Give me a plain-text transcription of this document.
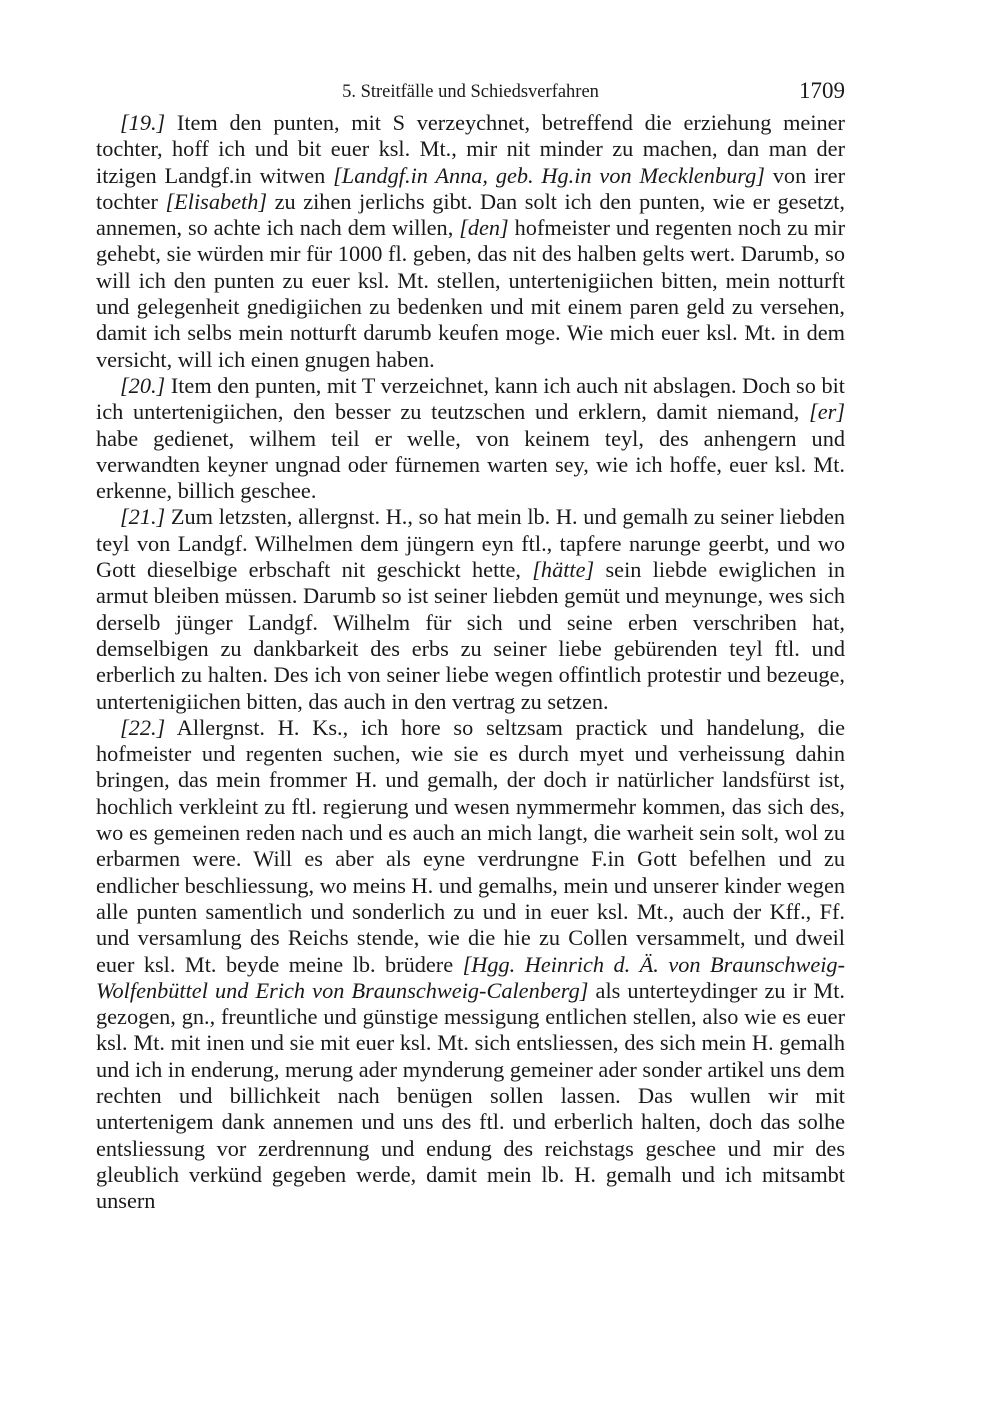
5. Streitfälle und Schiedsverfahren	1709

[19.] Item den punten, mit S verzeychnet, betreffend die erziehung meiner tochter, hoff ich und bit euer ksl. Mt., mir nit minder zu machen, dan man der itzigen Landgf.in witwen [Landgf.in Anna, geb. Hg.in von Mecklenburg] von irer tochter [Elisabeth] zu zihen jerlichs gibt. Dan solt ich den punten, wie er gesetzt, annemen, so achte ich nach dem willen, [den] hofmeister und regenten noch zu mir gehebt, sie würden mir für 1000 fl. geben, das nit des halben gelts wert. Darumb, so will ich den punten zu euer ksl. Mt. stellen, untertenigiichen bitten, mein notturft und gelegenheit gnedigiichen zu bedenken und mit einem paren geld zu versehen, damit ich selbs mein notturft darumb keufen moge. Wie mich euer ksl. Mt. in dem versicht, will ich einen gnugen haben.

[20.] Item den punten, mit T verzeichnet, kann ich auch nit abslagen. Doch so bit ich untertenigiichen, den besser zu teutzschen und erklern, damit niemand, [er] habe gedienet, wilhem teil er welle, von keinem teyl, des anhengern und verwandten keyner ungnad oder fürnemen warten sey, wie ich hoffe, euer ksl. Mt. erkenne, billich geschee.

[21.] Zum letzsten, allergnst. H., so hat mein lb. H. und gemalh zu seiner liebden teyl von Landgf. Wilhelmen dem jüngern eyn ftl., tapfere narunge geerbt, und wo Gott dieselbige erbschaft nit geschickt hette, [hätte] sein liebde ewiglichen in armut bleiben müssen. Darumb so ist seiner liebden gemüt und meynunge, wes sich derselb jünger Landgf. Wilhelm für sich und seine erben verschriben hat, demselbigen zu dankbarkeit des erbs zu seiner liebe gebürenden teyl ftl. und erberlich zu halten. Des ich von seiner liebe wegen offintlich protestir und bezeuge, untertenigiichen bitten, das auch in den vertrag zu setzen.

[22.] Allergnst. H. Ks., ich hore so seltzsam practick und handelung, die hofmeister und regenten suchen, wie sie es durch myet und verheissung dahin bringen, das mein frommer H. und gemalh, der doch ir natürlicher landsfürst ist, hochlich verkleint zu ftl. regierung und wesen nymmermehr kommen, das sich des, wo es gemeinen reden nach und es auch an mich langt, die warheit sein solt, wol zu erbarmen were. Will es aber als eyne verdrungne F.in Gott befelhen und zu endlicher beschliessung, wo meins H. und gemalhs, mein und unserer kinder wegen alle punten samentlich und sonderlich zu und in euer ksl. Mt., auch der Kff., Ff. und versamlung des Reichs stende, wie die hie zu Collen versammelt, und dweil euer ksl. Mt. beyde meine lb. brüdere [Hgg. Heinrich d. Ä. von Braunschweig-Wolfenbüttel und Erich von Braunschweig-Calenberg] als unterteydinger zu ir Mt. gezogen, gn., freuntliche und günstige messigung entlichen stellen, also wie es euer ksl. Mt. mit inen und sie mit euer ksl. Mt. sich entsliessen, des sich mein H. gemalh und ich in enderung, merung ader mynderung gemeiner ader sonder artikel uns dem rechten und billichkeit nach benügen sollen lassen. Das wullen wir mit untertenigem dank annemen und uns des ftl. und erberlich halten, doch das solhe entsliessung vor zerdrennung und endung des reichstags geschee und mir des gleublich verkünd gegeben werde, damit mein lb. H. gemalh und ich mitsambt unsern
